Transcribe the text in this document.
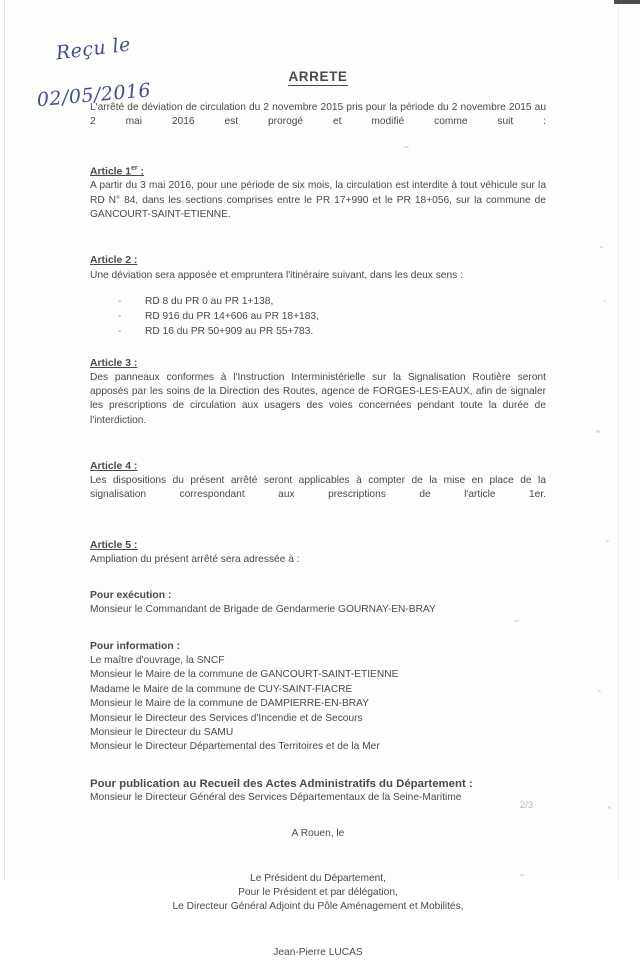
Reçu le

02/05/2016

ARRETE

L'arrêté de déviation de circulation du 2 novembre 2015 pris pour la période du 2 novembre 2015 au 2 mai 2016 est prorogé et modifié comme suit :

Article 1er :

A partir du 3 mai 2016, pour une période de six mois, la circulation est interdite à tout véhicule sur la RD N° 84, dans les sections comprises entre le PR 17+990 et le PR 18+056, sur la commune de GANCOURT-SAINT-ETIENNE.

Article 2 :

Une déviation sera apposée et empruntera l'itinéraire suivant, dans les deux sens :

- RD 8 du PR 0 au PR 1+138,
- RD 916 du PR 14+606 au PR 18+183,
- RD 16 du PR 50+909 au PR 55+783.

Article 3 :

Des panneaux conformes à l'Instruction Interministérielle sur la Signalisation Routière seront apposés par les soins de la Direction des Routes, agence de FORGES-LES-EAUX, afin de signaler les prescriptions de circulation aux usagers des voies concernées pendant toute la durée de l'interdiction.

Article 4 :

Les dispositions du présent arrêté seront applicables à compter de la mise en place de la signalisation correspondant aux prescriptions de l'article 1er.

Article 5 :

Ampliation du présent arrêté sera adressée à :

Pour exécution :

Monsieur le Commandant de Brigade de Gendarmerie GOURNAY-EN-BRAY

Pour information :

Le maître d'ouvrage, la SNCF

Monsieur le Maire de la commune de GANCOURT-SAINT-ETIENNE

Madame le Maire de la commune de CUY-SAINT-FIACRE

Monsieur le Maire de la commune de DAMPIERRE-EN-BRAY

Monsieur le Directeur des Services d'Incendie et de Secours

Monsieur le Directeur du SAMU

Monsieur le Directeur Départemental des Territoires et de la Mer

Pour publication au Recueil des Actes Administratifs du Département :

Monsieur le Directeur Général des Services Départementaux de la Seine-Maritime

A Rouen, le

Le Président du Département,

Pour le Président et par délégation,

Le Directeur Général Adjoint du Pôle Aménagement et Mobilités,

Jean-Pierre LUCAS

2/3
